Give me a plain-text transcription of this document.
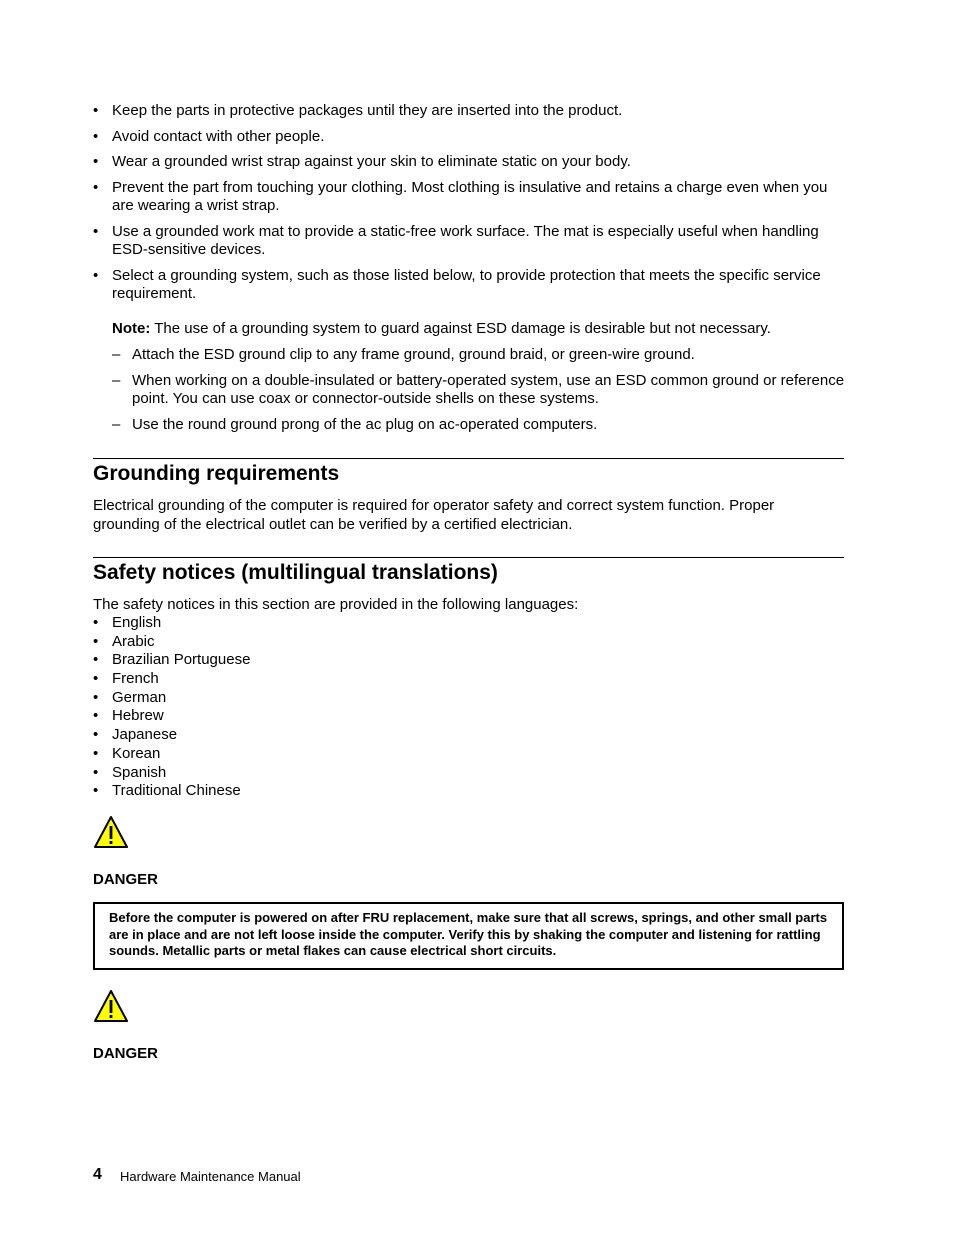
• Keep the parts in protective packages until they are inserted into the product.
• Avoid contact with other people.
• Wear a grounded wrist strap against your skin to eliminate static on your body.
• Prevent the part from touching your clothing. Most clothing is insulative and retains a charge even when you are wearing a wrist strap.
• Use a grounded work mat to provide a static-free work surface. The mat is especially useful when handling ESD-sensitive devices.
• Select a grounding system, such as those listed below, to provide protection that meets the specific service requirement.
Note: The use of a grounding system to guard against ESD damage is desirable but not necessary.
– Attach the ESD ground clip to any frame ground, ground braid, or green-wire ground.
– When working on a double-insulated or battery-operated system, use an ESD common ground or reference point. You can use coax or connector-outside shells on these systems.
– Use the round ground prong of the ac plug on ac-operated computers.
Grounding requirements

Electrical grounding of the computer is required for operator safety and correct system function. Proper grounding of the electrical outlet can be verified by a certified electrician.

Safety notices (multilingual translations)

The safety notices in this section are provided in the following languages:

• English
• Arabic
• Brazilian Portuguese
• French
• German
• Hebrew
• Japanese
• Korean
• Spanish
• Traditional Chinese
DANGER

Before the computer is powered on after FRU replacement, make sure that all screws, springs, and other small parts are in place and are not left loose inside the computer. Verify this by shaking the computer and listening for rattling sounds. Metallic parts or metal flakes can cause electrical short circuits.

DANGER
4 Hardware Maintenance Manual
